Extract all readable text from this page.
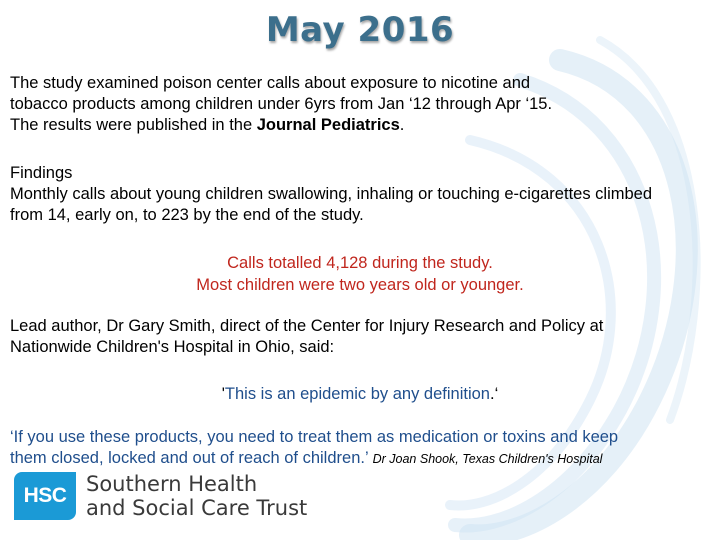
May 2016
The study examined poison center calls about exposure to nicotine and
tobacco products among children under 6yrs from Jan ‘12 through Apr ‘15.
The results were published in the Journal Pediatrics.
Findings
Monthly calls about young children swallowing, inhaling or touching e-cigarettes climbed
from 14, early on, to 223 by the end of the study.
Calls totalled 4,128 during the study.
Most children were two years old or younger.
Lead author, Dr Gary Smith, direct of the Center for Injury Research and Policy at
Nationwide Children's Hospital in Ohio, said:
'This is an epidemic by any definition.‘
‘If you use these products, you need to treat them as medication or toxins and keep
them closed, locked and out of reach of children.’ Dr Joan Shook, Texas Children's Hospital
HSC Southern Health
and Social Care Trust
